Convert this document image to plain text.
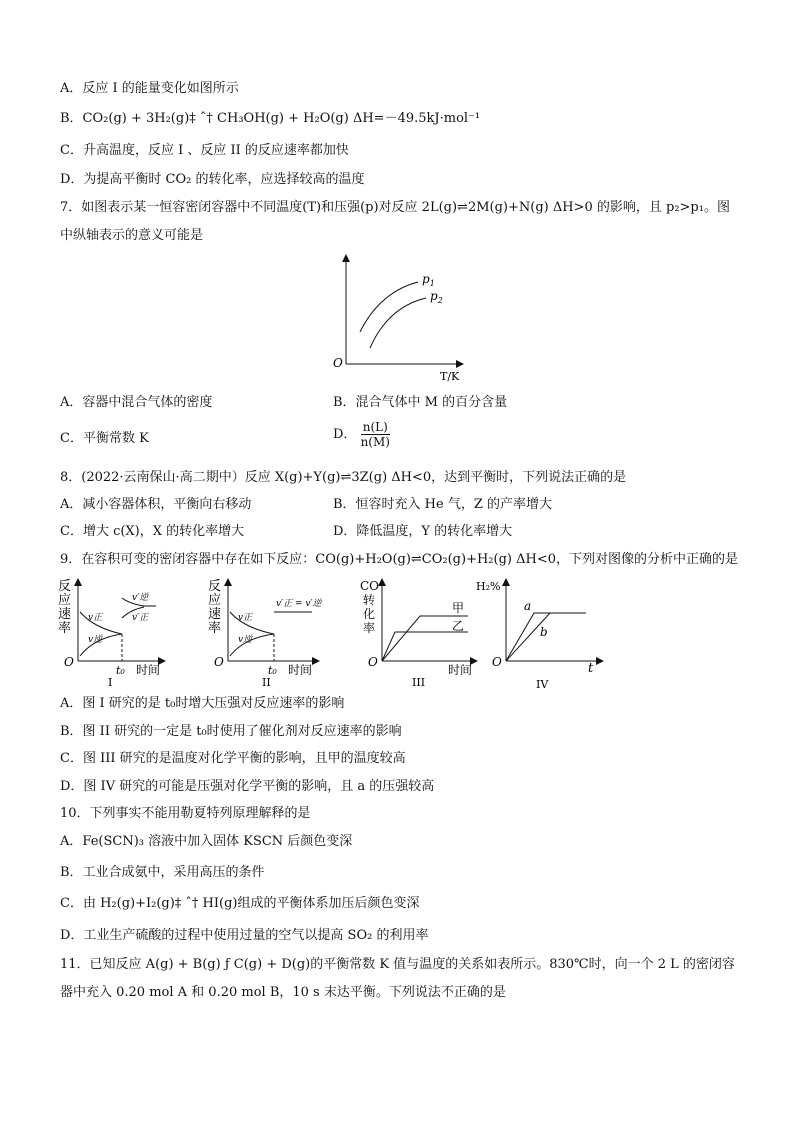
A．反应 I 的能量变化如图所示
B．CO₂(g) + 3H₂(g)‡ ˆ† CH₃OH(g) + H₂O(g) ΔH=－49.5kJ·mol⁻¹
C．升高温度，反应 I 、反应 II 的反应速率都加快
D．为提高平衡时 CO₂ 的转化率，应选择较高的温度
7．如图表示某一恒容密闭容器中不同温度(T)和压强(p)对反应 2L(g)⇌2M(g)+N(g) ΔH>0 的影响，且 p₂>p₁。图
中纵轴表示的意义可能是
O
T/K
$p_1$
$p_2$
A．容器中混合气体的密度	B．混合气体中 M 的百分含量
C．平衡常数 K	D． $\frac{n(L)}{n(M)}$
8．(2022·云南保山·高二期中）反应 X(g)+Y(g)⇌3Z(g) ΔH<0，达到平衡时，下列说法正确的是
A．减小容器体积，平衡向右移动	B．恒容时充入 He 气，Z 的产率增大
C．增大 c(X)，X 的转化率增大	D．降低温度，Y 的转化率增大
9．在容积可变的密闭容器中存在如下反应：CO(g)+H₂O(g)⇌CO₂(g)+H₂(g) ΔH<0，下列对图像的分析中正确的是
反
应
速
率
v正
v逆
v′逆
v′正
O
t₀ 时间
I
反
应
速
率
v正
v逆
v′正 = v′逆
O
t₀ 时间
II
CO
转
化
率
甲
乙
O
时间
III
H₂%
a
b
O	t
IV
A．图 I 研究的是 t₀时增大压强对反应速率的影响
B．图 II 研究的一定是 t₀时使用了催化剂对反应速率的影响
C．图 III 研究的是温度对化学平衡的影响，且甲的温度较高
D．图 IV 研究的可能是压强对化学平衡的影响，且 a 的压强较高
10．下列事实不能用勒夏特列原理解释的是
A．Fe(SCN)₃ 溶液中加入固体 KSCN 后颜色变深
B．工业合成氨中，采用高压的条件
C．由 H₂(g)+I₂(g)‡ ˆ† HI(g)组成的平衡体系加压后颜色变深
D．工业生产硫酸的过程中使用过量的空气以提高 SO₂ 的利用率
11．已知反应 A(g) + B(g) ƒ C(g) + D(g)的平衡常数 K 值与温度的关系如表所示。830℃时，向一个 2 L 的密闭容
器中充入 0.20 mol A 和 0.20 mol B，10 s 末达平衡。下列说法不正确的是
